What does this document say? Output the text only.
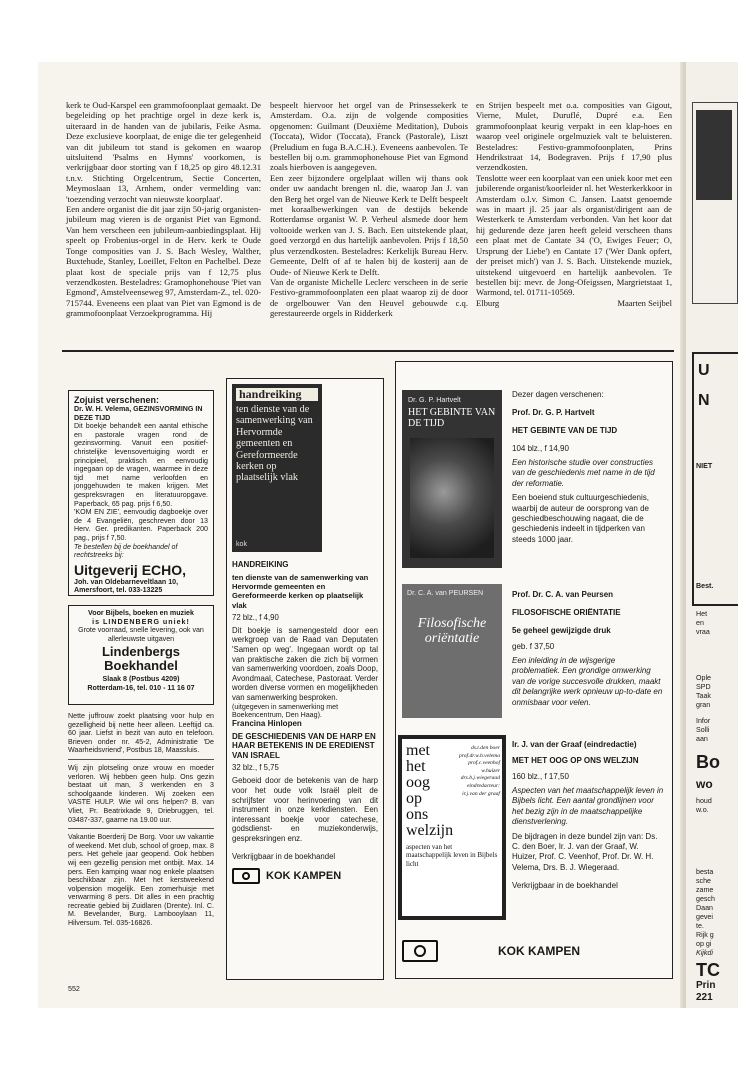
kerk te Oud-Karspel een grammofoonplaat gemaakt. De begeleiding op het prachtige orgel in deze kerk is, uiteraard in de handen van de jubilaris, Feike Asma. Deze exclusieve koorplaat, de enige die ter gelegenheid van dit jubileum tot stand is gekomen en waarop uitsluitend 'Psalms en Hymns' voorkomen, is verkrijgbaar door storting van f 18,25 op giro 48.12.31 t.n.v. Stichting Orgelcentrum, Sectie Concerten, Meymoslaan 13, Arnhem, onder vermelding van: 'toezending verzocht van nieuwste koorplaat'.

Een andere organist die dit jaar zijn 50-jarig organisten-jubileum mag vieren is de organist Piet van Egmond. Van hem verscheen een jubileum-aanbiedingsplaat. Hij speelt op Frobenius-orgel in de Herv. kerk te Oude Tonge composities van J. S. Bach Wesley, Walther, Buxtehude, Stanley, Loeillet, Felton en Pachelbel. Deze plaat kost de speciale prijs van f 12,75 plus verzendkosten. Besteladres: Gramophonehouse 'Piet van Egmond', Amstelveenseweg 97, Amsterdam-Z., tel. 020-715744. Eveneens een plaat van Piet van Egmond is de grammofoonplaat Verzoekprogramma. Hij

bespeelt hiervoor het orgel van de Prinsessekerk te Amsterdam. O.a. zijn de volgende composities opgenomen: Guilmant (Deuxième Meditation), Dubois (Toccata), Widor (Toccata), Franck (Pastorale), Liszt (Preludium en fuga B.A.C.H.). Eveneens aanbevolen. Te bestellen bij o.m. grammophonehouse Piet van Egmond zoals hierboven is aangegeven.

Een zeer bijzondere orgelplaat willen wij thans ook onder uw aandacht brengen nl. die, waarop Jan J. van den Berg het orgel van de Nieuwe Kerk te Delft bespeelt met koraalbewerkingen van de destijds bekende Rotterdamse organist W. P. Verheul alsmede door hem voltooide werken van J. S. Bach. Een uitstekende plaat, goed verzorgd en dus hartelijk aanbevolen. Prijs f 18,50 plus verzendkosten. Besteladres: Kerkelijk Bureau Herv. Gemeente, Delft of af te halen bij de kosterij aan de Oude- of Nieuwe Kerk te Delft.

Van de organiste Michelle Leclerc verscheen in de serie Festivo-grammofoonplaten een plaat waarop zij de door de orgelbouwer Van den Heuvel gebouwde c.q. gerestaureerde orgels in Ridderkerk

en Strijen bespeelt met o.a. composities van Gigout, Vierne, Mulet, Duruflé, Dupré e.a. Een grammofoonplaat keurig verpakt in een klap-hoes en waarop veel originele orgelmuziek valt te beluisteren. Besteladres: Festivo-grammofoonplaten, Prins Hendrikstraat 14, Bodegraven. Prijs f 17,90 plus verzendkosten.

Tenslotte weer een koorplaat van een uniek koor met een jubilerende organist/koorleider nl. het Westerkerkkoor in Amsterdam o.l.v. Simon C. Jansen. Laatst genoemde was in maart jl. 25 jaar als organist/dirigent aan de Westerkerk te Amsterdam verbonden. Van het koor dat hij gedurende deze jaren heeft geleid verscheen thans een plaat met de Cantate 34 ('O, Ewiges Feuer; O, Ursprung der Liebe') en Cantate 17 ('Wer Dank opfert, der preiset mich') van J. S. Bach. Uitstekende muziek, uitstekend uitgevoerd en hartelijk aanbevolen. Te bestellen bij: mevr. de Jong-Ofeigssen, Margrietstaat 1, Warmond, tel. 01711-10569.

Elburg	Maarten Seijbel
Zojuist verschenen:
Dr. W. H. Velema, GEZINSVORMING IN DEZE TIJD
Dit boekje behandelt een aantal ethische en pastorale vragen rond de gezinsvorming. Vanuit een positief-christelijke levensovertuiging wordt er principieel, praktisch en eenvoudig ingegaan op de vragen, waarmee in deze tijd met name verloofden en jonggehuwden te maken krijgen. Met gespreksvragen en literatuuropgave. Paperback, 65 pag. prijs f 6,50.
'KOM EN ZIE', eenvoudig dagboekje over de 4 Evangeliën, geschreven door 13 Herv. Ger. predikanten. Paperback 200 pag., prijs f 7,50.
Te bestellen bij de boekhandel of rechtstreeks bij:
Uitgeverij ECHO,
Joh. van Oldebarneveltlaan 10, Amersfoort, tel. 033-13225
Voor Bijbels, boeken en muziek
is LINDENBERG uniek!
Grote voorraad, snelle levering, ook van allerleuwste uitgaven
Lindenbergs
Boekhandel
Slaak 8 (Postbus 4209)
Rotterdam-16, tel. 010 - 11 16 07
Nette juffrouw zoekt plaatsing voor hulp en gezelligheid bij nette heer alleen. Leeftijd ca. 60 jaar. Liefst in bezit van auto en telefoon. Brieven onder nr. 45-2, Administratie 'De Waarheidsvriend', Postbus 18, Maassluis.
Wij zijn plotseling onze vrouw en moeder verloren. Wij hebben geen hulp. Ons gezin bestaat uit man, 3 werkenden en 3 schoolgaande kinderen. Wij zoeken een VASTE HULP. Wie wil ons helpen? B. van Vliet, Pr. Beatrixkade 9, Driebruggen, tel. 03487-337, gaarne na 19.00 uur.
Vakantie Boerderij De Borg. Voor uw vakantie of weekend. Met club, school of groep, max. 8 pers. Het gehele jaar geopend. Ook hebben wij een gezellig pension met ontbijt. Max. 14 pers. Een kamping waar nog enkele plaatsen beschikbaar zijn. Met het kerstweekend volpension mogelijk. Een zomerhuisje met verwarming 8 pers. Dit alles in een prachtig recreatie gebied bij Zuidlaren (Drente). Inl. C. M. Bevelander, Burg. Lambooylaan 11, Hilversum. Tel. 035-16826.
552
handreiking
ten dienste van de samenwerking van Hervormde gemeenten en Gereformeerde kerken op plaatselijk vlak
kok
HANDREIKING
ten dienste van de samenwerking van Hervormde gemeenten en Gereformeerde kerken op plaatselijk vlak
72 blz., f 4,90
Dit boekje is samengesteld door een werkgroep van de Raad van Deputaten 'Samen op weg'. Ingegaan wordt op tal van praktische zaken die zich bij vormen van samenwerking voordoen, zoals Doop, Avondmaal, Catechese, Pastoraat. Verder worden diverse vormen en mogelijkheden van samenwerking besproken.
(uitgegeven in samenwerking met Boekencentrum, Den Haag).
Francina Hinlopen
DE GESCHIEDENIS VAN DE HARP EN HAAR BETEKENIS IN DE EREDIENST VAN ISRAEL
32 blz., f 5,75
Geboeid door de betekenis van de harp voor het oude volk Israël pleit de schrijfster voor herinvoering van dit instrument in onze kerkdiensten. Een interessant boekje voor catechese, godsdienst- en muziekonderwijs, gespreksringen enz.
Verkrijgbaar in de boekhandel
KOK KAMPEN
Dr. G. P. Hartvelt
HET GEBINTE VAN DE TIJD
Dr. C. A. van PEURSEN
Filosofische oriëntatie
met
het
oog
op
ons
welzijn
ds.t.den boer
prof.dr.w.h.velema
prof.c.veenhof
w.huizer
drs.b.j.wiegeraad
eindredacteur:
ir.j.van der graaf
aspecten van het maatschappelijk leven in Bijbels licht
Dezer dagen verschenen:
Prof. Dr. G. P. Hartvelt
HET GEBINTE VAN DE TIJD
104 blz., f 14,90
Een historische studie over constructies van de geschiedenis met name in de tijd der reformatie.
Een boeiend stuk cultuurgeschiedenis, waarbij de auteur de oorsprong van de geschiedbeschouwing nagaat, die de geschiedenis indeelt in tijdperken van steeds 1000 jaar.
Prof. Dr. C. A. van Peursen
FILOSOFISCHE ORIËNTATIE
5e geheel gewijzigde druk
geb. f 37,50
Een inleiding in de wijsgerige problematiek. Een grondige omwerking van de vorige succesvolle drukken, maakt dit belangrijke werk opnieuw up-to-date en onmisbaar voor velen.
Ir. J. van der Graaf (eindredactie)
MET HET OOG OP ONS WELZIJN
160 blz., f 17,50
Aspecten van het maatschappelijk leven in Bijbels licht. Een aantal grondlijnen voor het bezig zijn in de maatschappelijke dienstverlening.
De bijdragen in deze bundel zijn van: Ds. C. den Boer, Ir. J. van der Graaf, W. Huizer, Prof. C. Veenhof, Prof. Dr. W. H. Velema, Drs. B. J. Wiegeraad.
Verkrijgbaar in de boekhandel
KOK KAMPEN
U
N
NIET
Best.
Het
en
vraa
Ople
SPD
Taak
gran
Infor
Solli
aan
Bo
wo
houd
w.o.
besta
sche
zame
gesch
Daan
gevei
te.
Rijk g
op gi
Kijkdi
TC
Prin
221
